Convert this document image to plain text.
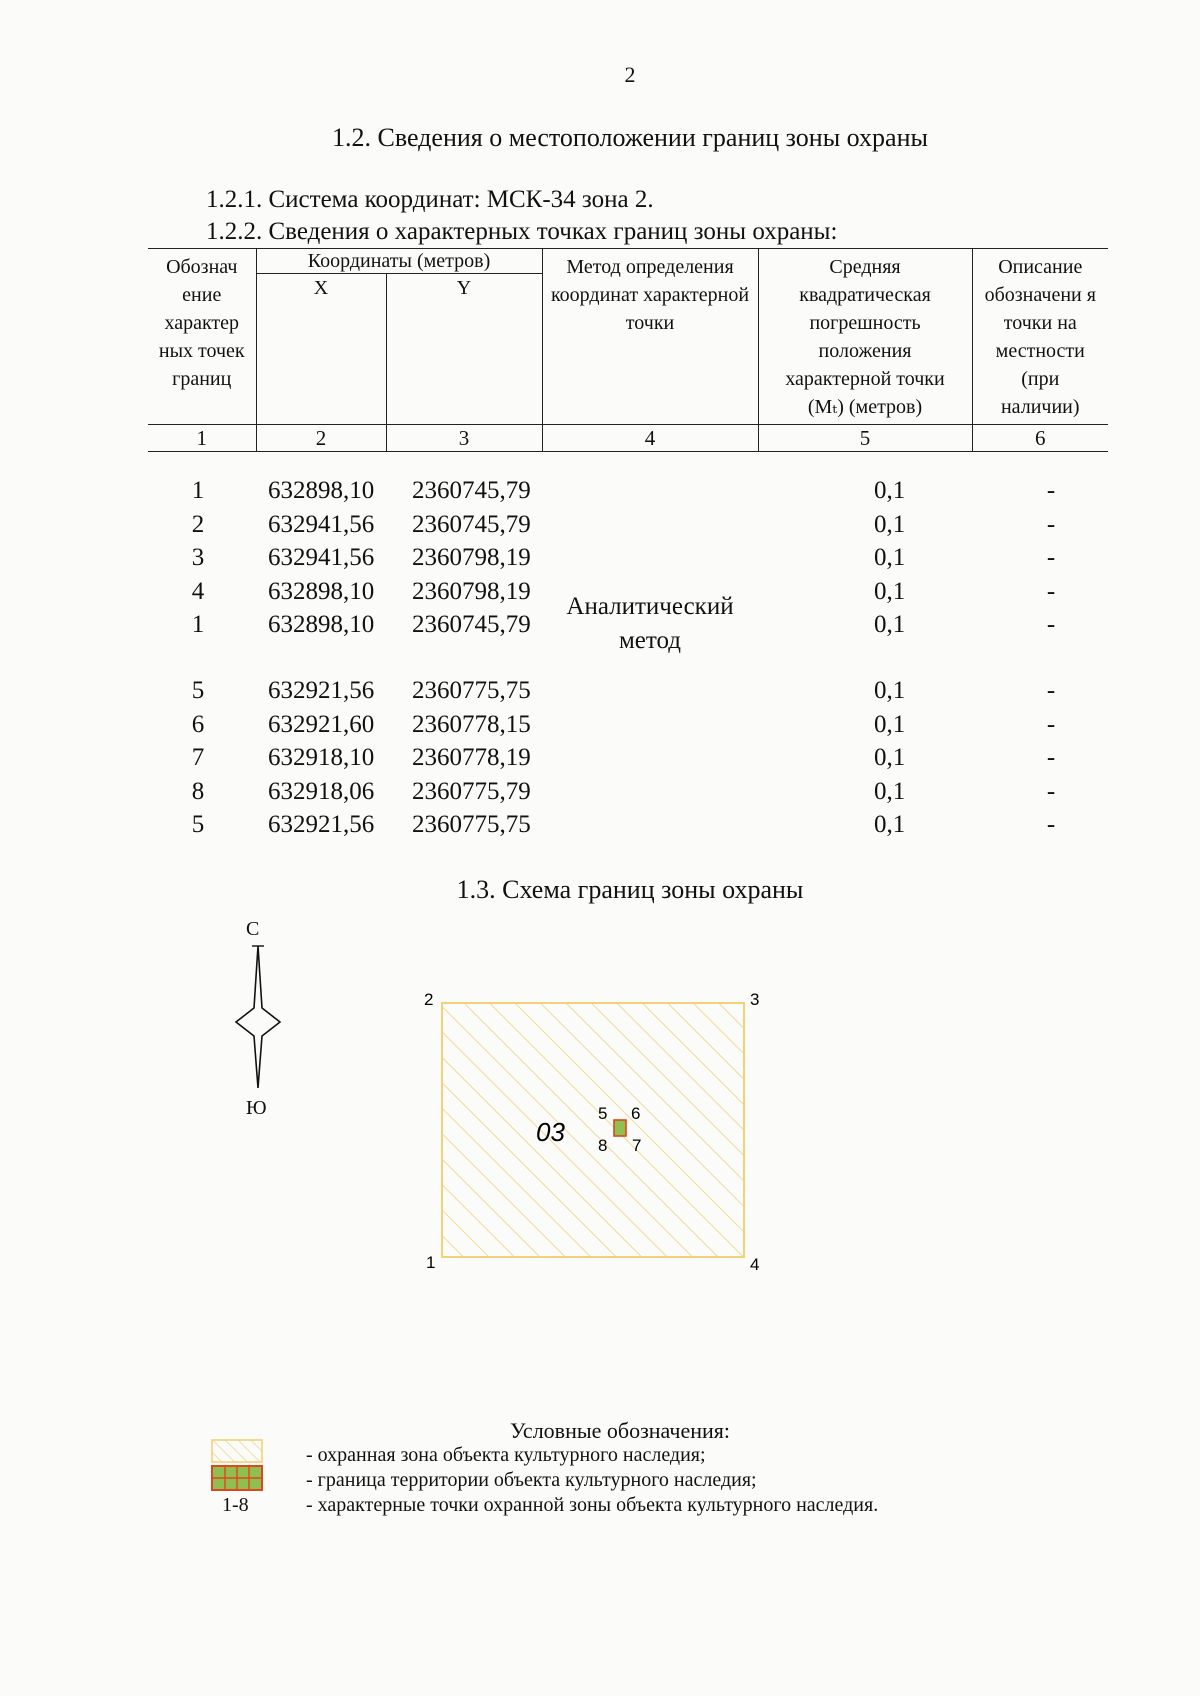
2
1.2. Сведения о местоположении границ зоны охраны
1.2.1. Система координат: МСК-34 зона 2.
1.2.2. Сведения о характерных точках границ зоны охраны:
Обознач ение характер ных точек границ	Координаты (метров)		Метод определения координат характерной точки	Средняя квадратическая погрешность положения характерной точки (Mₜ) (метров)	Описание обозначени я точки на местности (при наличии)
	X	Y			
1	2	3	4	5	6
1	632898,10 2360745,79	0,1	-
2	632941,56 2360745,79	0,1	-
3	632941,56 2360798,19	0,1	-
4	632898,10 2360798,19	0,1	-
1	632898,10 2360745,79	0,1	-
5	632921,56 2360775,75	0,1	-
6	632921,60 2360778,15	0,1	-
7	632918,10 2360778,19	0,1	-
8	632918,06 2360775,79	0,1	-
5	632921,56 2360775,75	0,1	-
Аналитический метод
1.3. Схема границ зоны охраны
С
Ю
03
2	3
1	4
5 6
7
8
Условные обозначения:
1-8
- охранная зона объекта культурного наследия;
- граница территории объекта культурного наследия;
- характерные точки охранной зоны объекта культурного наследия.
